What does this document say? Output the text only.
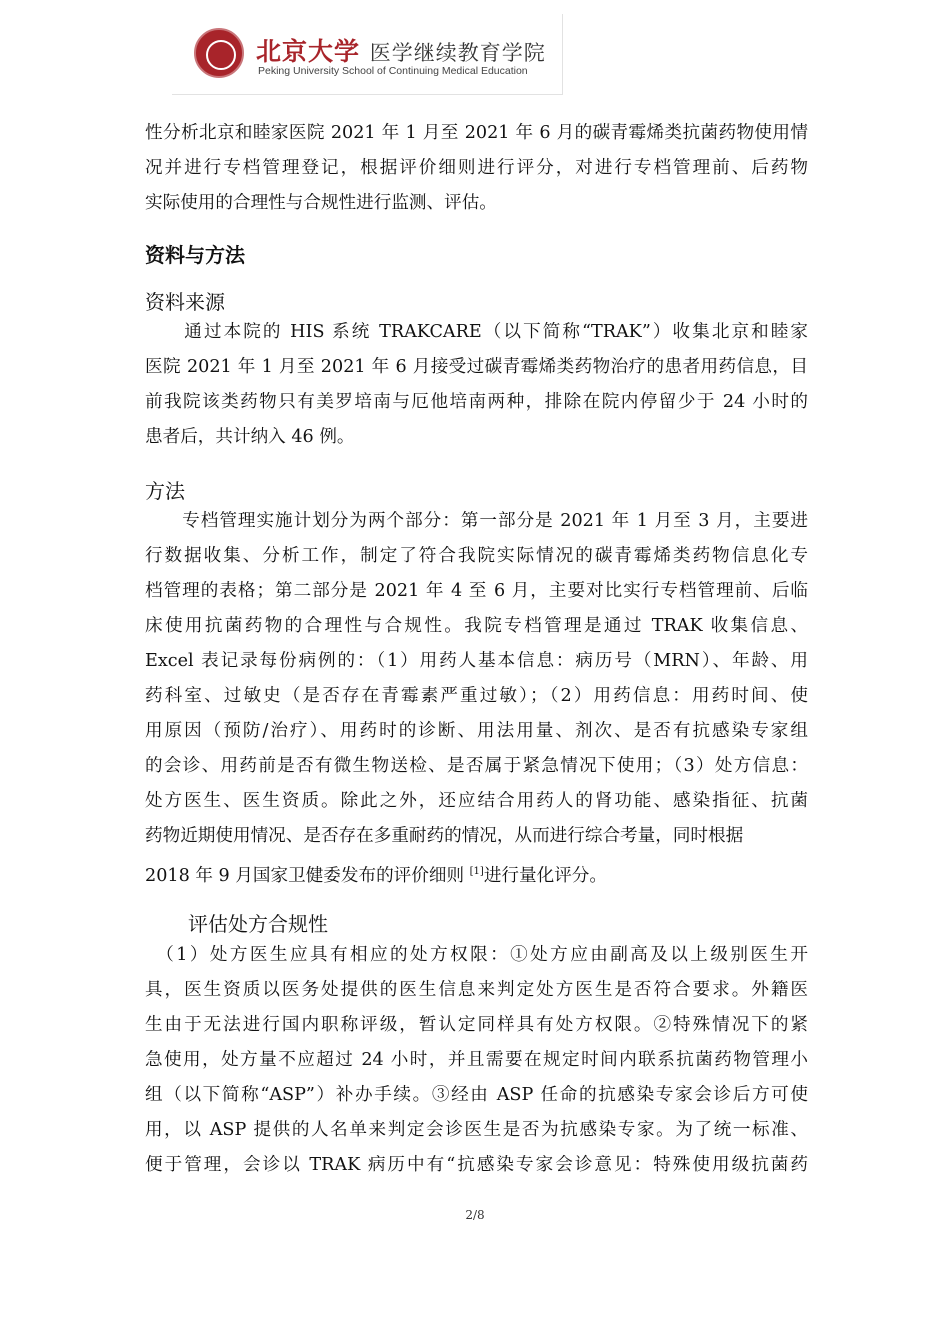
北京大学 医学继续教育学院
Peking University School of Continuing Medical Education
性分析北京和睦家医院 2021 年 1 月至 2021 年 6 月的碳青霉烯类抗菌药物使用情
况并进行专档管理登记，根据评价细则进行评分，对进行专档管理前、后药物
实际使用的合理性与合规性进行监测、评估。
资料与方法
资料来源
　　通过本院的 HIS 系统 TRAKCARE（以下简称“TRAK”）收集北京和睦家
医院 2021 年 1 月至 2021 年 6 月接受过碳青霉烯类药物治疗的患者用药信息，目
前我院该类药物只有美罗培南与厄他培南两种，排除在院内停留少于 24 小时的
患者后，共计纳入 46 例。
方法
　　专档管理实施计划分为两个部分：第一部分是 2021 年 1 月至 3 月，主要进
行数据收集、分析工作，制定了符合我院实际情况的碳青霉烯类药物信息化专
档管理的表格；第二部分是 2021 年 4 至 6 月，主要对比实行专档管理前、后临
床使用抗菌药物的合理性与合规性。我院专档管理是通过 TRAK 收集信息、
Excel 表记录每份病例的：（1）用药人基本信息：病历号（MRN）、年龄、用
药科室、过敏史（是否存在青霉素严重过敏）；（2）用药信息：用药时间、使
用原因（预防/治疗）、用药时的诊断、用法用量、剂次、是否有抗感染专家组
的会诊、用药前是否有微生物送检、是否属于紧急情况下使用；（3）处方信息：
处方医生、医生资质。除此之外，还应结合用药人的肾功能、感染指征、抗菌
药物近期使用情况、是否存在多重耐药的情况，从而进行综合考量，同时根据
2018 年 9 月国家卫健委发布的评价细则 [1]进行量化评分。
评估处方合规性
　（1）处方医生应具有相应的处方权限：①处方应由副高及以上级别医生开
具，医生资质以医务处提供的医生信息来判定处方医生是否符合要求。外籍医
生由于无法进行国内职称评级，暂认定同样具有处方权限。②特殊情况下的紧
急使用，处方量不应超过 24 小时，并且需要在规定时间内联系抗菌药物管理小
组（以下简称“ASP”）补办手续。③经由 ASP 任命的抗感染专家会诊后方可使
用，以 ASP 提供的人名单来判定会诊医生是否为抗感染专家。为了统一标准、
便于管理，会诊以 TRAK 病历中有“抗感染专家会诊意见：特殊使用级抗菌药
2/8
